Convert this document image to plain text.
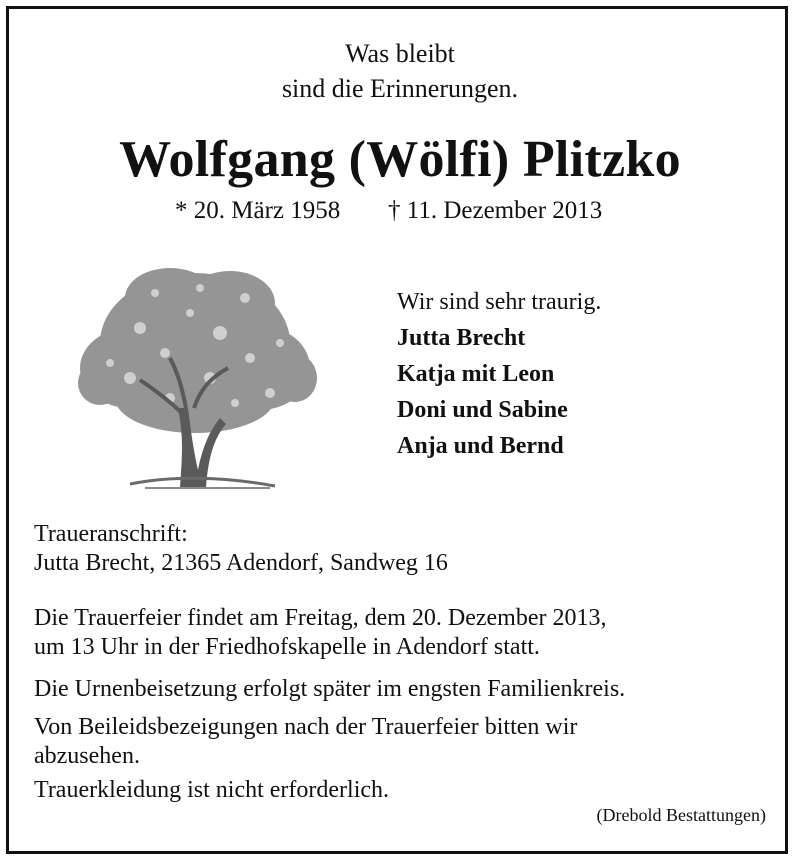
Was bleibt
sind die Erinnerungen.
Wolfgang (Wölfi) Plitzko
* 20. März 1958 † 11. Dezember 2013

Wir sind sehr traurig.

Jutta Brecht

Katja mit Leon

Doni und Sabine

Anja und Bernd

Traueranschrift:

Jutta Brecht, 21365 Adendorf, Sandweg 16

Die Trauerfeier findet am Freitag, dem 20. Dezember 2013,

um 13 Uhr in der Friedhofskapelle in Adendorf statt.

Die Urnenbeisetzung erfolgt später im engsten Familienkreis.

Von Beileidsbezeigungen nach der Trauerfeier bitten wir

abzusehen.

Trauerkleidung ist nicht erforderlich.

(Drebold Bestattungen)
